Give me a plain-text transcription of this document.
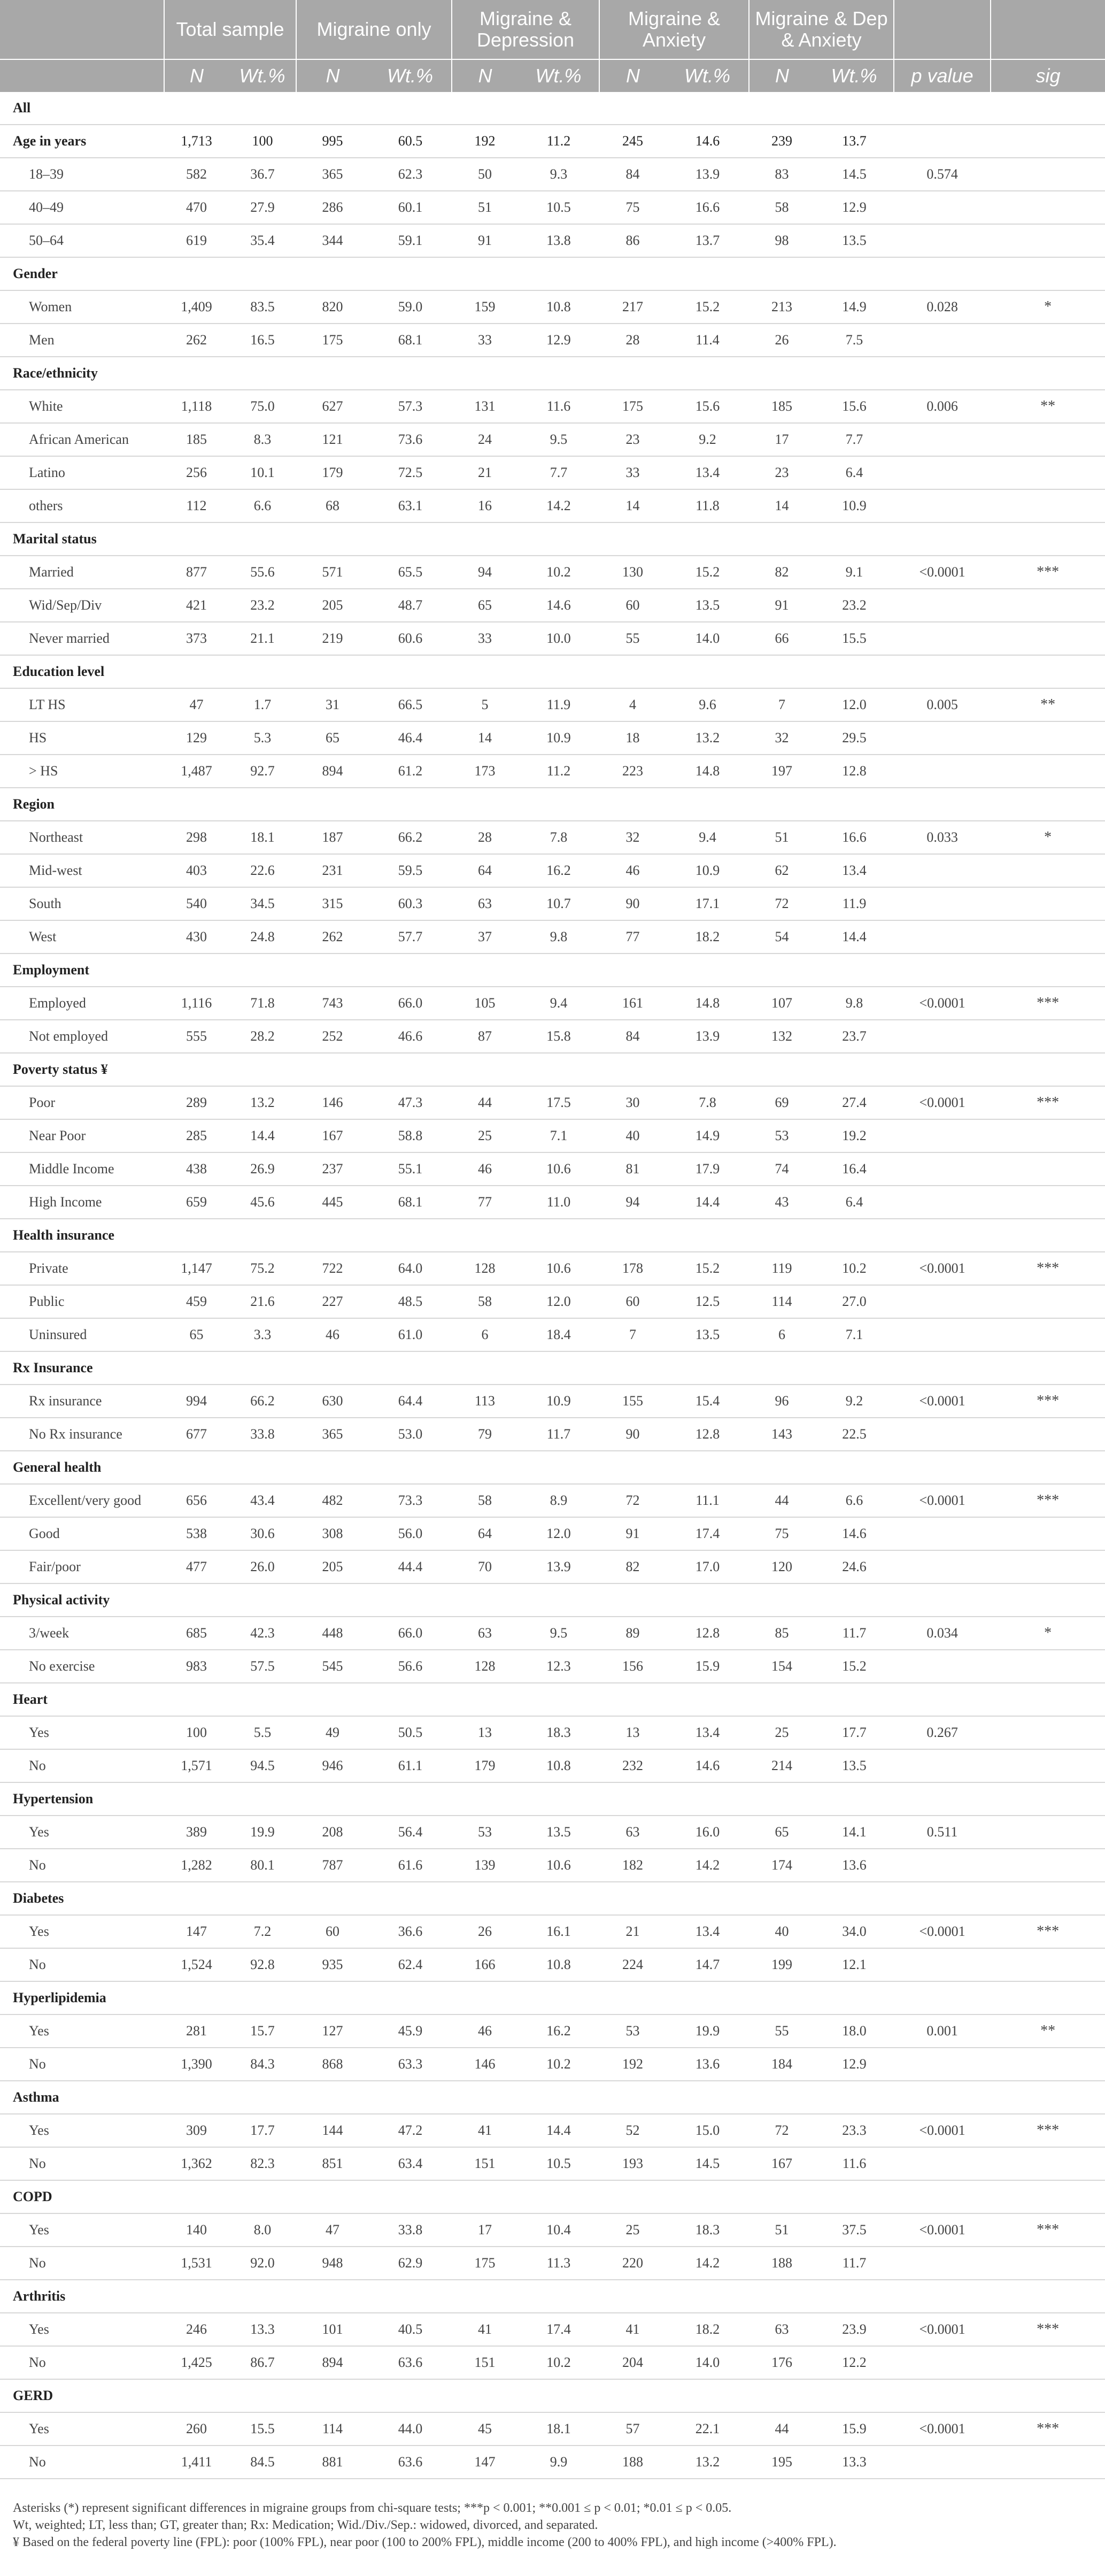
	Total sample		Migraine only		Migraine & Depression		Migraine & Anxiety		Migraine & Dep & Anxiety			
	N	Wt.%	N	Wt.%	N	Wt.%	N	Wt.%	N	Wt.%	p value	sig
All												
Age in years	1,713	100	995	60.5	192	11.2	245	14.6	239	13.7		
18–39	582	36.7	365	62.3	50	9.3	84	13.9	83	14.5	0.574	
40–49	470	27.9	286	60.1	51	10.5	75	16.6	58	12.9		
50–64	619	35.4	344	59.1	91	13.8	86	13.7	98	13.5		
Gender												
Women	1,409	83.5	820	59.0	159	10.8	217	15.2	213	14.9	0.028	*
Men	262	16.5	175	68.1	33	12.9	28	11.4	26	7.5		
Race/ethnicity												
White	1,118	75.0	627	57.3	131	11.6	175	15.6	185	15.6	0.006	**
African American	185	8.3	121	73.6	24	9.5	23	9.2	17	7.7		
Latino	256	10.1	179	72.5	21	7.7	33	13.4	23	6.4		
others	112	6.6	68	63.1	16	14.2	14	11.8	14	10.9		
Marital status												
Married	877	55.6	571	65.5	94	10.2	130	15.2	82	9.1	<0.0001	***
Wid/Sep/Div	421	23.2	205	48.7	65	14.6	60	13.5	91	23.2		
Never married	373	21.1	219	60.6	33	10.0	55	14.0	66	15.5		
Education level												
LT HS	47	1.7	31	66.5	5	11.9	4	9.6	7	12.0	0.005	**
HS	129	5.3	65	46.4	14	10.9	18	13.2	32	29.5		
> HS	1,487	92.7	894	61.2	173	11.2	223	14.8	197	12.8		
Region												
Northeast	298	18.1	187	66.2	28	7.8	32	9.4	51	16.6	0.033	*
Mid-west	403	22.6	231	59.5	64	16.2	46	10.9	62	13.4		
South	540	34.5	315	60.3	63	10.7	90	17.1	72	11.9		
West	430	24.8	262	57.7	37	9.8	77	18.2	54	14.4		
Employment												
Employed	1,116	71.8	743	66.0	105	9.4	161	14.8	107	9.8	<0.0001	***
Not employed	555	28.2	252	46.6	87	15.8	84	13.9	132	23.7		
Poverty status ¥												
Poor	289	13.2	146	47.3	44	17.5	30	7.8	69	27.4	<0.0001	***
Near Poor	285	14.4	167	58.8	25	7.1	40	14.9	53	19.2		
Middle Income	438	26.9	237	55.1	46	10.6	81	17.9	74	16.4		
High Income	659	45.6	445	68.1	77	11.0	94	14.4	43	6.4		
Health insurance												
Private	1,147	75.2	722	64.0	128	10.6	178	15.2	119	10.2	<0.0001	***
Public	459	21.6	227	48.5	58	12.0	60	12.5	114	27.0		
Uninsured	65	3.3	46	61.0	6	18.4	7	13.5	6	7.1		
Rx Insurance												
Rx insurance	994	66.2	630	64.4	113	10.9	155	15.4	96	9.2	<0.0001	***
No Rx insurance	677	33.8	365	53.0	79	11.7	90	12.8	143	22.5		
General health												
Excellent/very good	656	43.4	482	73.3	58	8.9	72	11.1	44	6.6	<0.0001	***
Good	538	30.6	308	56.0	64	12.0	91	17.4	75	14.6		
Fair/poor	477	26.0	205	44.4	70	13.9	82	17.0	120	24.6		
Physical activity												
3/week	685	42.3	448	66.0	63	9.5	89	12.8	85	11.7	0.034	*
No exercise	983	57.5	545	56.6	128	12.3	156	15.9	154	15.2		
Heart												
Yes	100	5.5	49	50.5	13	18.3	13	13.4	25	17.7	0.267	
No	1,571	94.5	946	61.1	179	10.8	232	14.6	214	13.5		
Hypertension												
Yes	389	19.9	208	56.4	53	13.5	63	16.0	65	14.1	0.511	
No	1,282	80.1	787	61.6	139	10.6	182	14.2	174	13.6		
Diabetes												
Yes	147	7.2	60	36.6	26	16.1	21	13.4	40	34.0	<0.0001	***
No	1,524	92.8	935	62.4	166	10.8	224	14.7	199	12.1		
Hyperlipidemia												
Yes	281	15.7	127	45.9	46	16.2	53	19.9	55	18.0	0.001	**
No	1,390	84.3	868	63.3	146	10.2	192	13.6	184	12.9		
Asthma												
Yes	309	17.7	144	47.2	41	14.4	52	15.0	72	23.3	<0.0001	***
No	1,362	82.3	851	63.4	151	10.5	193	14.5	167	11.6		
COPD												
Yes	140	8.0	47	33.8	17	10.4	25	18.3	51	37.5	<0.0001	***
No	1,531	92.0	948	62.9	175	11.3	220	14.2	188	11.7		
Arthritis												
Yes	246	13.3	101	40.5	41	17.4	41	18.2	63	23.9	<0.0001	***
No	1,425	86.7	894	63.6	151	10.2	204	14.0	176	12.2		
GERD												
Yes	260	15.5	114	44.0	45	18.1	57	22.1	44	15.9	<0.0001	***
No	1,411	84.5	881	63.6	147	9.9	188	13.2	195	13.3		
Asterisks (*) represent significant differences in migraine groups from chi-square tests; ***p < 0.001; **0.001 ≤ p < 0.01; *0.01 ≤ p < 0.05.
Wt, weighted; LT, less than; GT, greater than; Rx: Medication; Wid./Div./Sep.: widowed, divorced, and separated.
¥ Based on the federal poverty line (FPL): poor (100% FPL), near poor (100 to 200% FPL), middle income (200 to 400% FPL), and high income (>400% FPL).
